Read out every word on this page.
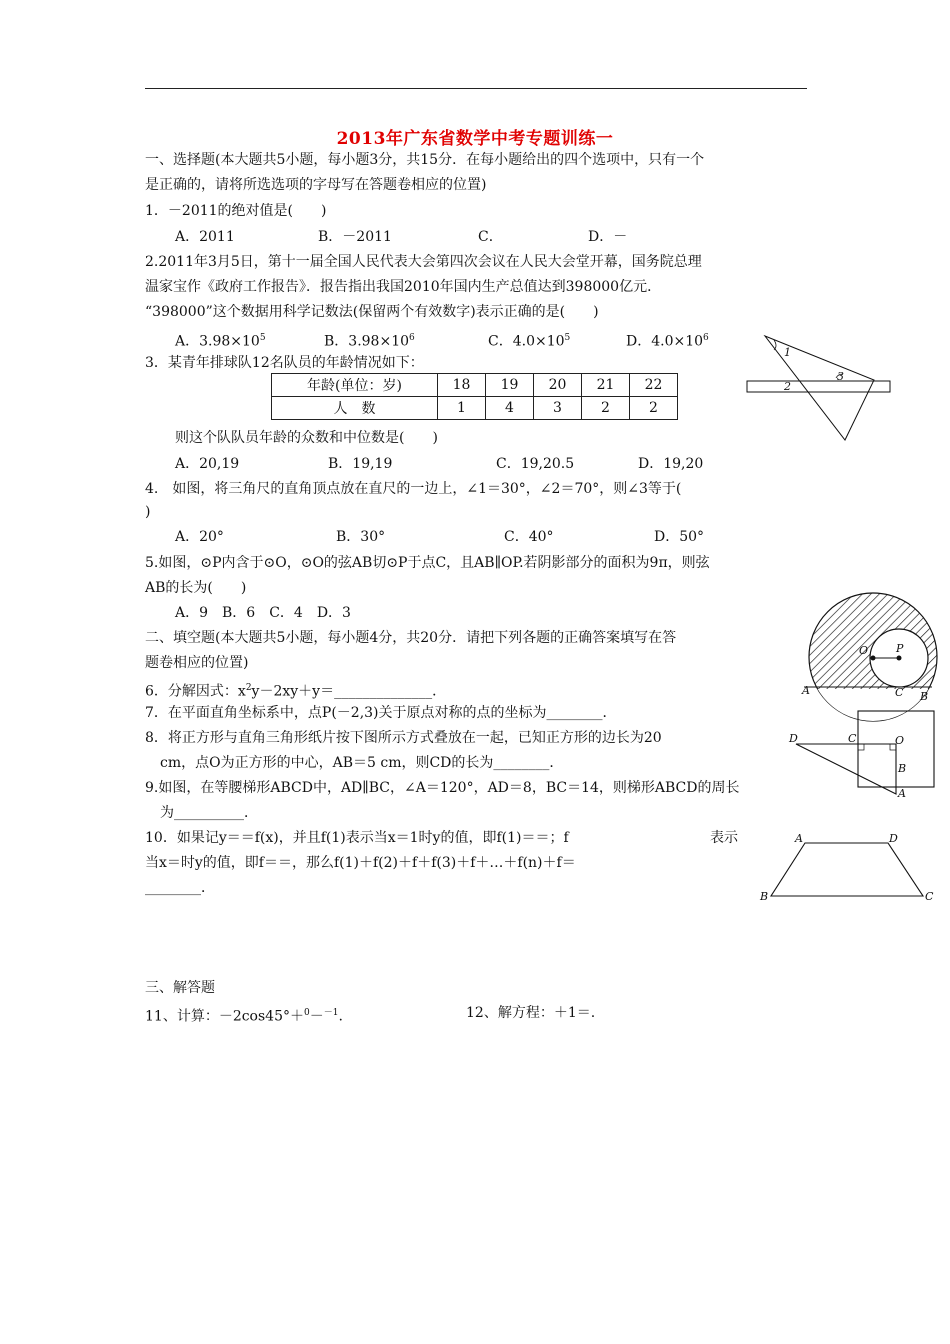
2013年广东省数学中考专题训练一
一、选择题(本大题共5小题，每小题3分，共15分．在每小题给出的四个选项中，只有一个
是正确的，请将所选选项的字母写在答题卷相应的位置)
1．－2011的绝对值是(　　)
A．2011	B．－2011	C．	D．－
2.2011年3月5日，第十一届全国人民代表大会第四次会议在人民大会堂开幕，国务院总理
温家宝作《政府工作报告》．报告指出我国2010年国内生产总值达到398000亿元．
“398000”这个数据用科学记数法(保留两个有效数字)表示正确的是(　　)
A．$3.98\times 10^5$	B．$3.98\times 10^6$	C．$4.0\times 10^5$	D．$4.0\times 10^6$
3．某青年排球队12名队员的年龄情况如下：
年龄(单位：岁)	18	19	20	21	22
人　数	1	4	3	2	2
则这个队队员年龄的众数和中位数是(　　)
A．20,19	B．19,19	C．19,20.5	D．19,20
4.　如图，将三角尺的直角顶点放在直尺的一边上，∠1＝30°，∠2＝70°，则∠3等于(
)
A．20°	B．30°	C．40°	D．50°
5.如图，⊙P内含于⊙O，⊙O的弦AB切⊙P于点C，且AB∥OP.若阴影部分的面积为9π，则弦
AB的长为(　　)
A．9　B．6　C．4　D．3
二、填空题(本大题共5小题，每小题4分，共20分．请把下列各题的正确答案填写在答
题卷相应的位置)
6．分解因式：$x^2y-2xy+y=\_\_\_\_\_\_\_\_\_\_\_\_\_\_$．
7．在平面直角坐标系中，点P(－2,3)关于原点对称的点的坐标为________．
8．将正方形与直角三角形纸片按下图所示方式叠放在一起，已知正方形的边长为20
cm，点O为正方形的中心，AB＝5 cm，则CD的长为________．
9.如图，在等腰梯形ABCD中，AD∥BC，∠A＝120°，AD＝8，BC＝14，则梯形ABCD的周长
为__________．
10．如果记y＝＝f(x)，并且f(1)表示当x＝1时y的值，即f(1)＝＝；f	表示
当x＝时y的值，即f＝＝，那么f(1)＋f(2)＋f＋f(3)＋f＋…＋f(n)＋f＝
________．
三、解答题
11、计算：－2cos45°＋$^0$－$^{-1}$.	12、解方程：＋1＝.
1
2
3
O	P
A	C B
D	C	O
B
A
A	D
B	C
